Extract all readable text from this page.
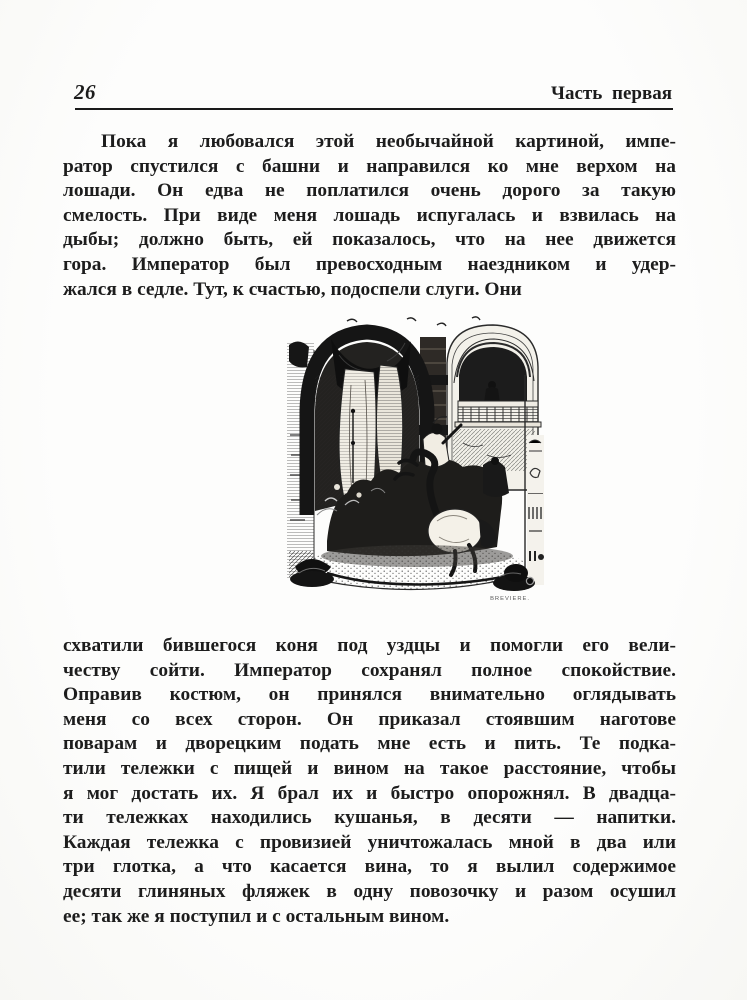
26	Часть первая
Пока я любовался этой необычайной картиной, импе-
ратор спустился с башни и направился ко мне верхом на
лошади. Он едва не поплатился очень дорого за такую
смелость. При виде меня лошадь испугалась и взвилась на
дыбы; должно быть, ей показалось, что на нее движется
гора. Император был превосходным наездником и удер-
жался в седле. Тут, к счастью, подоспели слуги. Они
BREVIERE.
схватили бившегося коня под уздцы и помогли его вели-
честву сойти. Император сохранял полное спокойствие.
Оправив костюм, он принялся внимательно оглядывать
меня со всех сторон. Он приказал стоявшим наготове
поварам и дворецким подать мне есть и пить. Те подка-
тили тележки с пищей и вином на такое расстояние, чтобы
я мог достать их. Я брал их и быстро опорожнял. В двадца-
ти тележках находились кушанья, в десяти — напитки.
Каждая тележка с провизией уничтожалась мной в два или
три глотка, а что касается вина, то я вылил содержимое
десяти глиняных фляжек в одну повозочку и разом осушил
ее; так же я поступил и с остальным вином.
